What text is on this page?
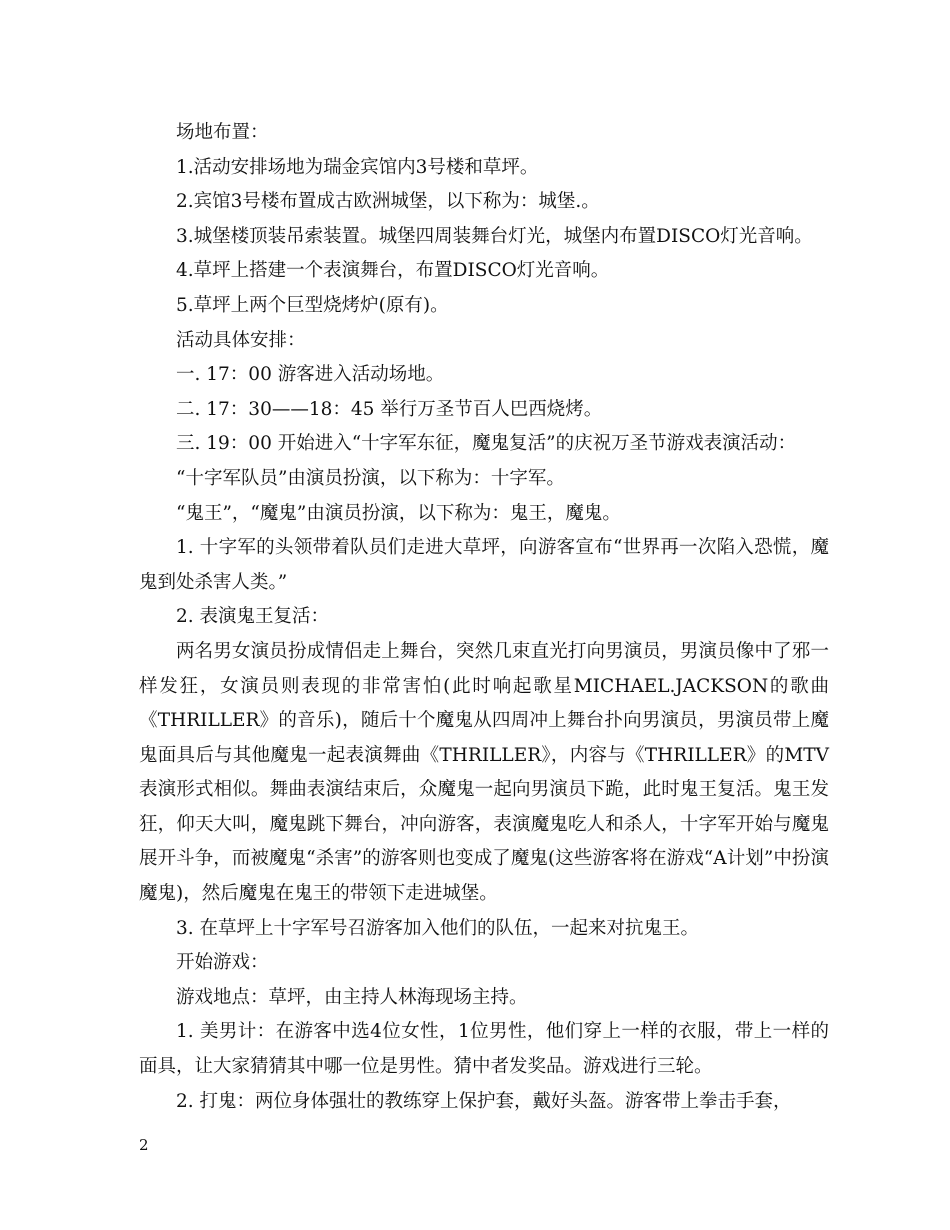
场地布置：

1.活动安排场地为瑞金宾馆内3号楼和草坪。

2.宾馆3号楼布置成古欧洲城堡，以下称为：城堡.。

3.城堡楼顶装吊索装置。城堡四周装舞台灯光，城堡内布置DISCO灯光音响。

4.草坪上搭建一个表演舞台，布置DISCO灯光音响。

5.草坪上两个巨型烧烤炉(原有)。

活动具体安排：

一. 17：00 游客进入活动场地。

二. 17：30——18：45 举行万圣节百人巴西烧烤。

三. 19：00 开始进入“十字军东征，魔鬼复活”的庆祝万圣节游戏表演活动：

“十字军队员”由演员扮演，以下称为：十字军。

“鬼王”，“魔鬼”由演员扮演，以下称为：鬼王，魔鬼。

1. 十字军的头领带着队员们走进大草坪，向游客宣布“世界再一次陷入恐慌，魔鬼到处杀害人类。”

2. 表演鬼王复活：

两名男女演员扮成情侣走上舞台，突然几束直光打向男演员，男演员像中了邪一样发狂，女演员则表现的非常害怕(此时响起歌星MICHAEL.JACKSON的歌曲《THRILLER》的音乐)，随后十个魔鬼从四周冲上舞台扑向男演员，男演员带上魔鬼面具后与其他魔鬼一起表演舞曲《THRILLER》，内容与《THRILLER》的MTV表演形式相似。舞曲表演结束后，众魔鬼一起向男演员下跪，此时鬼王复活。鬼王发狂，仰天大叫，魔鬼跳下舞台，冲向游客，表演魔鬼吃人和杀人，十字军开始与魔鬼展开斗争，而被魔鬼“杀害”的游客则也变成了魔鬼(这些游客将在游戏“A计划”中扮演魔鬼)，然后魔鬼在鬼王的带领下走进城堡。

3. 在草坪上十字军号召游客加入他们的队伍，一起来对抗鬼王。

开始游戏：

游戏地点：草坪，由主持人林海现场主持。

1. 美男计：在游客中选4位女性，1位男性，他们穿上一样的衣服，带上一样的面具，让大家猜猜其中哪一位是男性。猜中者发奖品。游戏进行三轮。

2. 打鬼：两位身体强壮的教练穿上保护套，戴好头盔。游客带上拳击手套，

2
